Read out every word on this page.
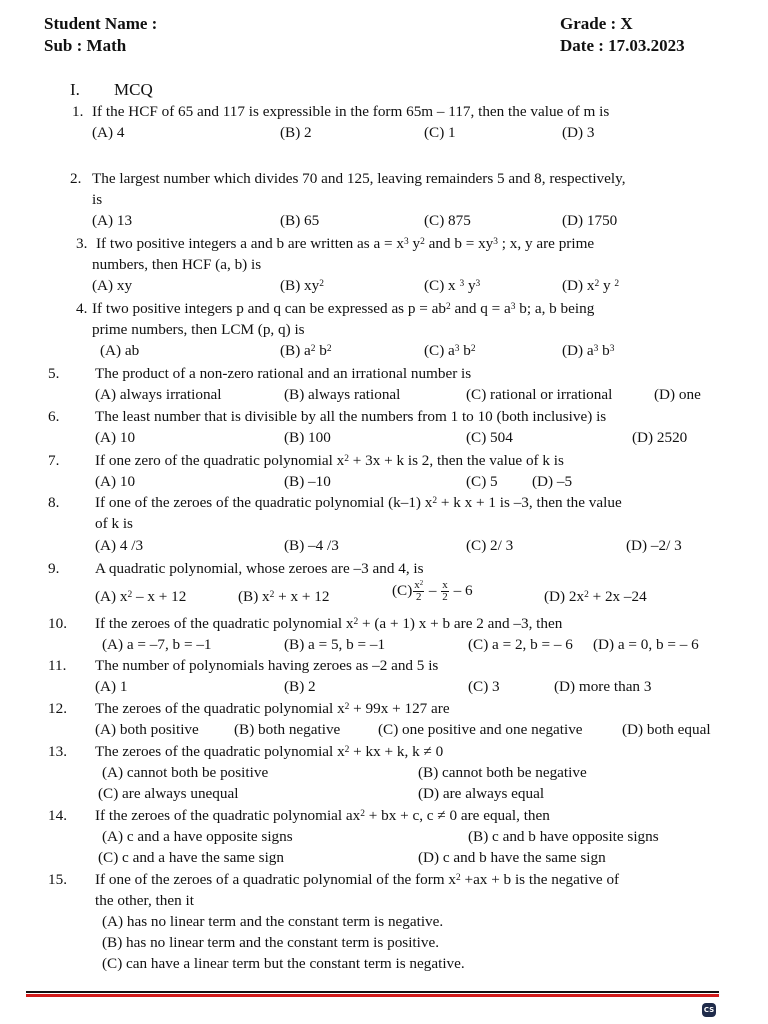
Student Name :
Sub : Math
Grade : X
Date : 17.03.2023
I. MCQ
1. If the HCF of 65 and 117 is expressible in the form 65m – 117, then the value of m is
(A) 4	(B) 2	(C) 1	(D) 3
2. The largest number which divides 70 and 125, leaving remainders 5 and 8, respectively,
is
(A) 13	(B) 65	(C) 875	(D) 1750
3. If two positive integers a and b are written as $a = x^3$ $y^2$ and $b = xy^3$ ; x, y are prime
numbers, then HCF (a, b) is
(A) xy	(B) $xy^2$	(C) x $^3$ $y^3$	(D) $x^2$ y $^2$
4. If two positive integers p and q can be expressed as $p = ab^2$ and $q = a^3$ b; a, b being
prime numbers, then LCM (p, q) is
(A) ab	(B) $a^2$ $b^2$	(C) $a^3$ $b^2$	(D) $a^3$ $b^3$
5. The product of a non-zero rational and an irrational number is
(A) always irrational	(B) always rational	(C) rational or irrational	(D) one
6. The least number that is divisible by all the numbers from 1 to 10 (both inclusive) is
(A) 10	(B) 100	(C) 504	(D) 2520
7. If one zero of the quadratic polynomial $x^2 + 3x + k$ is 2, then the value of k is
(A) 10	(B) –10	(C) 5 (D) –5
8. If one of the zeroes of the quadratic polynomial (k–1) $x^2 + k$ x + 1 is –3, then the value
of k is
(A) 4 /3	(B) –4 /3	(C) 2/ 3	(D) –2/ 3
9. A quadratic polynomial, whose zeroes are –3 and 4, is
(A) $x^2 - x + 12$	(B) $x^2 + x + 12$	$(C) \frac{x^2}{2} - \frac{x}{2} - 6$	(D) $2x^2 + 2x$ –24
10. If the zeroes of the quadratic polynomial $x^2 + (a + 1) x + b$ are 2 and –3, then
(A) a = –7, b = –1	(B) a = 5, b = –1	(C) a = 2, b = – 6 (D) a = 0, b = – 6
11. The number of polynomials having zeroes as –2 and 5 is
(A) 1	(B) 2	(C) 3	(D) more than 3
12. The zeroes of the quadratic polynomial $x^2 + 99x + 127$ are
(A) both positive (B) both negative (C) one positive and one negative	(D) both equal
13. The zeroes of the quadratic polynomial $x^2$ + kx + k, k ≠ 0
(A) cannot both be positive	(B) cannot both be negative
(C) are always unequal	(D) are always equal
14. If the zeroes of the quadratic polynomial $ax^2$ + bx + c, c ≠ 0 are equal, then
(A) c and a have opposite signs	(B) c and b have opposite signs
(C) c and a have the same sign	(D) c and b have the same sign
15. If one of the zeroes of a quadratic polynomial of the form $x^2 +ax + b$ is the negative of
the other, then it
(A) has no linear term and the constant term is negative.
(B) has no linear term and the constant term is positive.
(C) can have a linear term but the constant term is negative.
CS
